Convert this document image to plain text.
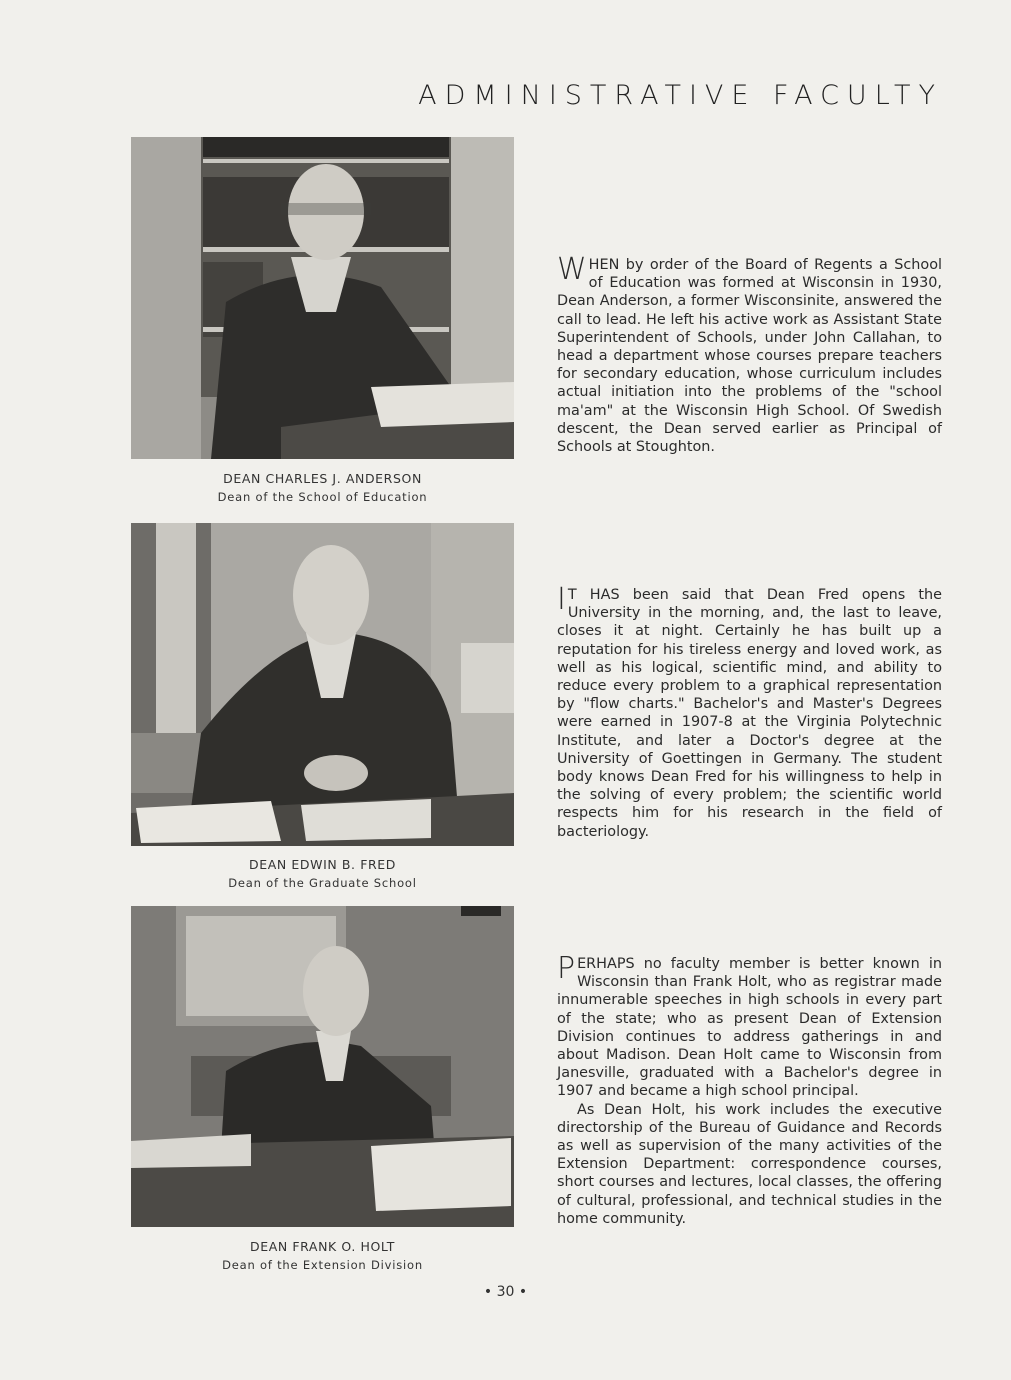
ADMINISTRATIVE FACULTY
DEAN CHARLES J. ANDERSON
Dean of the School of Education

WHEN by order of the Board of Regents a School of Education was formed at Wisconsin in 1930, Dean Anderson, a former Wisconsinite, answered the call to lead. He left his active work as Assistant State Superintendent of Schools, under John Callahan, to head a department whose courses prepare teachers for secondary education, whose curriculum includes actual initiation into the problems of the "school ma'am" at the Wisconsin High School. Of Swedish descent, the Dean served earlier as Principal of Schools at Stoughton.

DEAN EDWIN B. FRED
Dean of the Graduate School

I T HAS been said that Dean Fred opens the University in the morning, and, the last to leave, closes it at night. Certainly he has built up a reputation for his tireless energy and loved work, as well as his logical, scientific mind, and ability to reduce every problem to a graphical representation by "flow charts." Bachelor's and Master's Degrees were earned in 1907-8 at the Virginia Polytechnic Institute, and later a Doctor's degree at the University of Goettingen in Germany. The student body knows Dean Fred for his willingness to help in the solving of every problem; the scientific world respects him for his research in the field of bacteriology.

DEAN FRANK O. HOLT
Dean of the Extension Division

PERHAPS no faculty member is better known in Wisconsin than Frank Holt, who as registrar made innumerable speeches in high schools in every part of the state; who as present Dean of Extension Division continues to address gatherings in and about Madison. Dean Holt came to Wisconsin from Janesville, graduated with a Bachelor's degree in 1907 and became a high school principal.

As Dean Holt, his work includes the executive directorship of the Bureau of Guidance and Records as well as supervision of the many activities of the Extension Department: correspondence courses, short courses and lectures, local classes, the offering of cultural, professional, and technical studies in the home community.

• 30 •
